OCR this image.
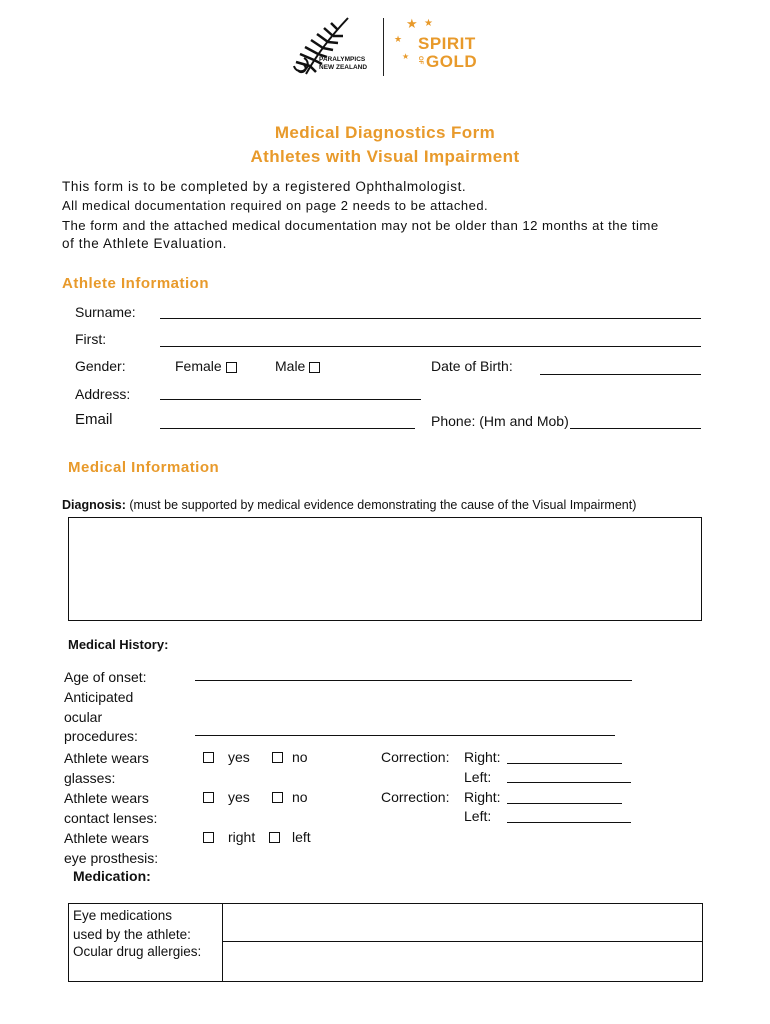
PARALYMPICS
NEW ZEALAND
★ ★
★
★
SPIRIT
OF GOLD
Medical Diagnostics Form
Athletes with Visual Impairment
This form is to be completed by a registered Ophthalmologist.
All medical documentation required on page 2 needs to be attached.
The form and the attached medical documentation may not be older than 12 months at the time
of the Athlete Evaluation.
Athlete Information
Surname:
First:
Gender:	Female	Male	Date of Birth:
Address:
Email	Phone: (Hm and Mob)
Medical Information
Diagnosis: (must be supported by medical evidence demonstrating the cause of the Visual Impairment)
Medical History:
Age of onset:
Anticipated
ocular
procedures:
Athlete wears
glasses:
yes	no	Correction: Right:
Left:
Athlete wears
contact lenses:
yes	no	Correction: Right:
Left:
Athlete wears
eye prosthesis:
right	left
Medication:
Eye medications
used by the athlete:
Ocular drug allergies:
